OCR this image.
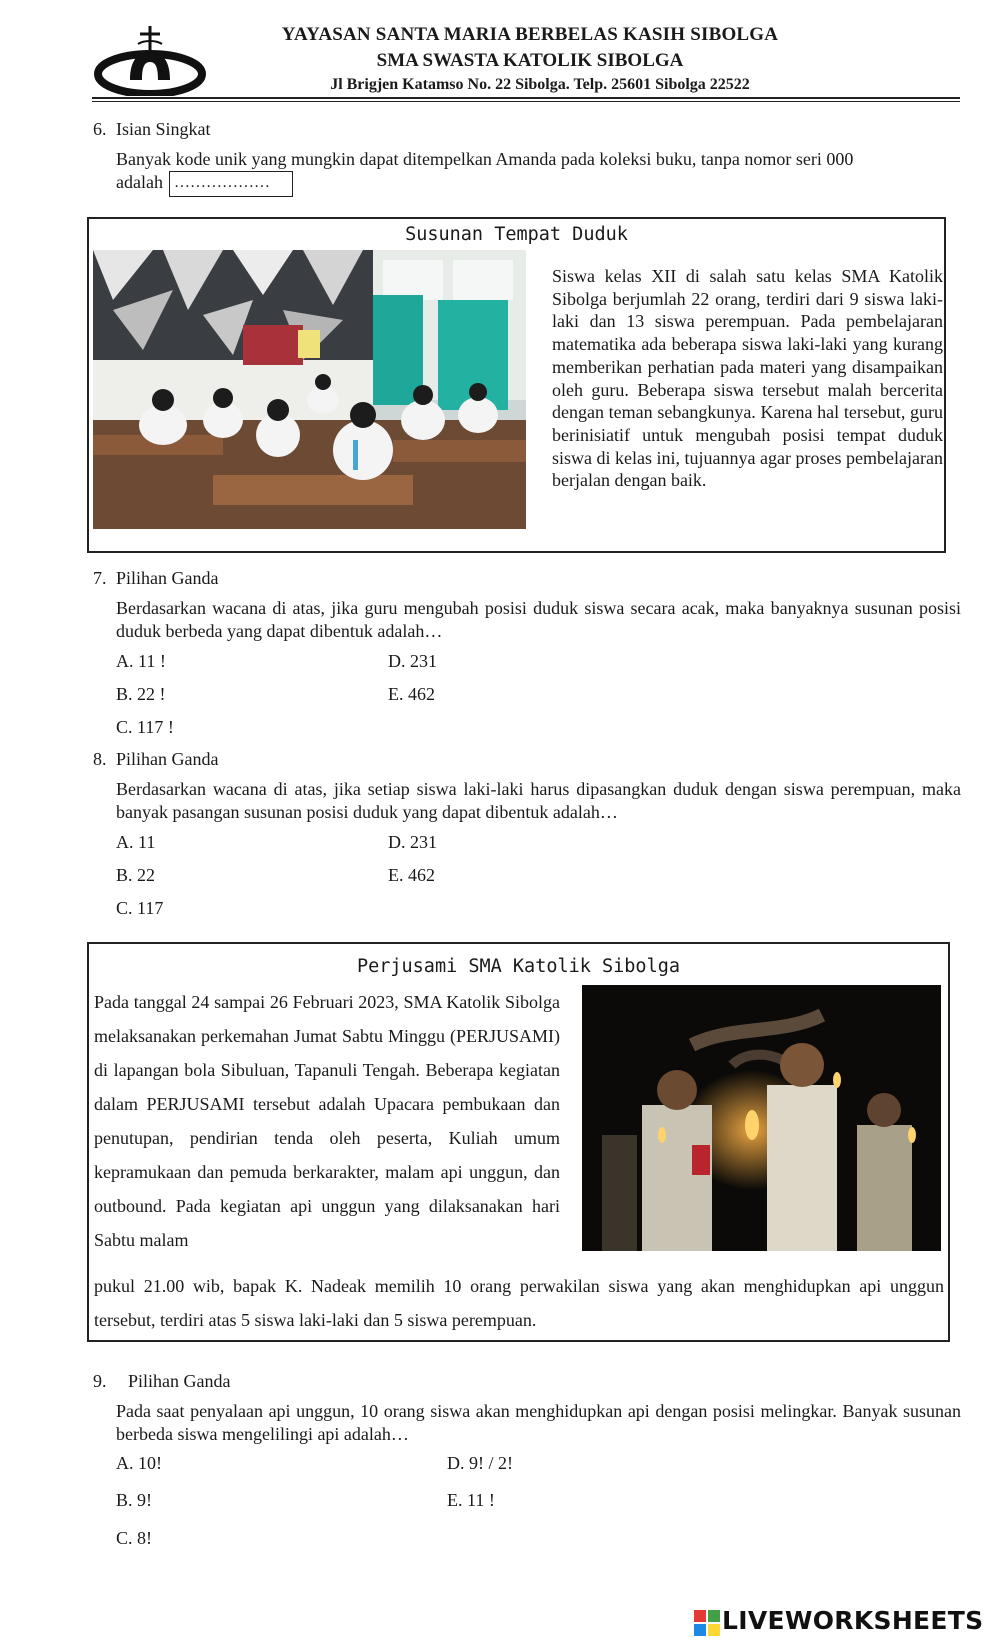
YAYASAN SANTA MARIA BERBELAS KASIH SIBOLGA
SMA SWASTA KATOLIK SIBOLGA
Jl Brigjen Katamso No. 22 Sibolga. Telp. 25601 Sibolga 22522
6. Isian Singkat
Banyak kode unik yang mungkin dapat ditempelkan Amanda pada koleksi buku, tanpa nomor seri 000
adalah ………………
Susunan Tempat Duduk
Siswa kelas XII di salah satu kelas SMA Katolik Sibolga berjumlah 22 orang, terdiri dari 9 siswa laki-laki dan 13 siswa perempuan. Pada pembelajaran matematika ada beberapa siswa laki-laki yang kurang memberikan perhatian pada materi yang disampaikan oleh guru. Beberapa siswa tersebut malah bercerita dengan teman sebangkunya. Karena hal tersebut, guru berinisiatif untuk mengubah posisi tempat duduk siswa di kelas ini, tujuannya agar proses pembelajaran berjalan dengan baik.
7. Pilihan Ganda
Berdasarkan wacana di atas, jika guru mengubah posisi duduk siswa secara acak, maka banyaknya susunan posisi duduk berbeda yang dapat dibentuk adalah…
A. 11 !
B. 22 !
C. 117 !
D. 231
E. 462
8. Pilihan Ganda
Berdasarkan wacana di atas, jika setiap siswa laki-laki harus dipasangkan duduk dengan siswa perempuan, maka banyak pasangan susunan posisi duduk yang dapat dibentuk adalah…
A. 11
B. 22
C. 117
D. 231
E. 462
Perjusami SMA Katolik Sibolga
Pada tanggal 24 sampai 26 Februari 2023, SMA Katolik Sibolga melaksanakan perkemahan Jumat Sabtu Minggu (PERJUSAMI) di lapangan bola Sibuluan, Tapanuli Tengah. Beberapa kegiatan dalam PERJUSAMI tersebut adalah Upacara pembukaan dan penutupan, pendirian tenda oleh peserta, Kuliah umum kepramukaan dan pemuda berkarakter, malam api unggun, dan outbound. Pada kegiatan api unggun yang dilaksanakan hari Sabtu malam
pukul 21.00 wib, bapak K. Nadeak memilih 10 orang perwakilan siswa yang akan menghidupkan api unggun tersebut, terdiri atas 5 siswa laki-laki dan 5 siswa perempuan.
9. Pilihan Ganda
Pada saat penyalaan api unggun, 10 orang siswa akan menghidupkan api dengan posisi melingkar. Banyak susunan berbeda siswa mengelilingi api adalah…
A. 10!
B. 9!
C. 8!
D. 9! / 2!
E. 11 !
LIVEWORKSHEETS
